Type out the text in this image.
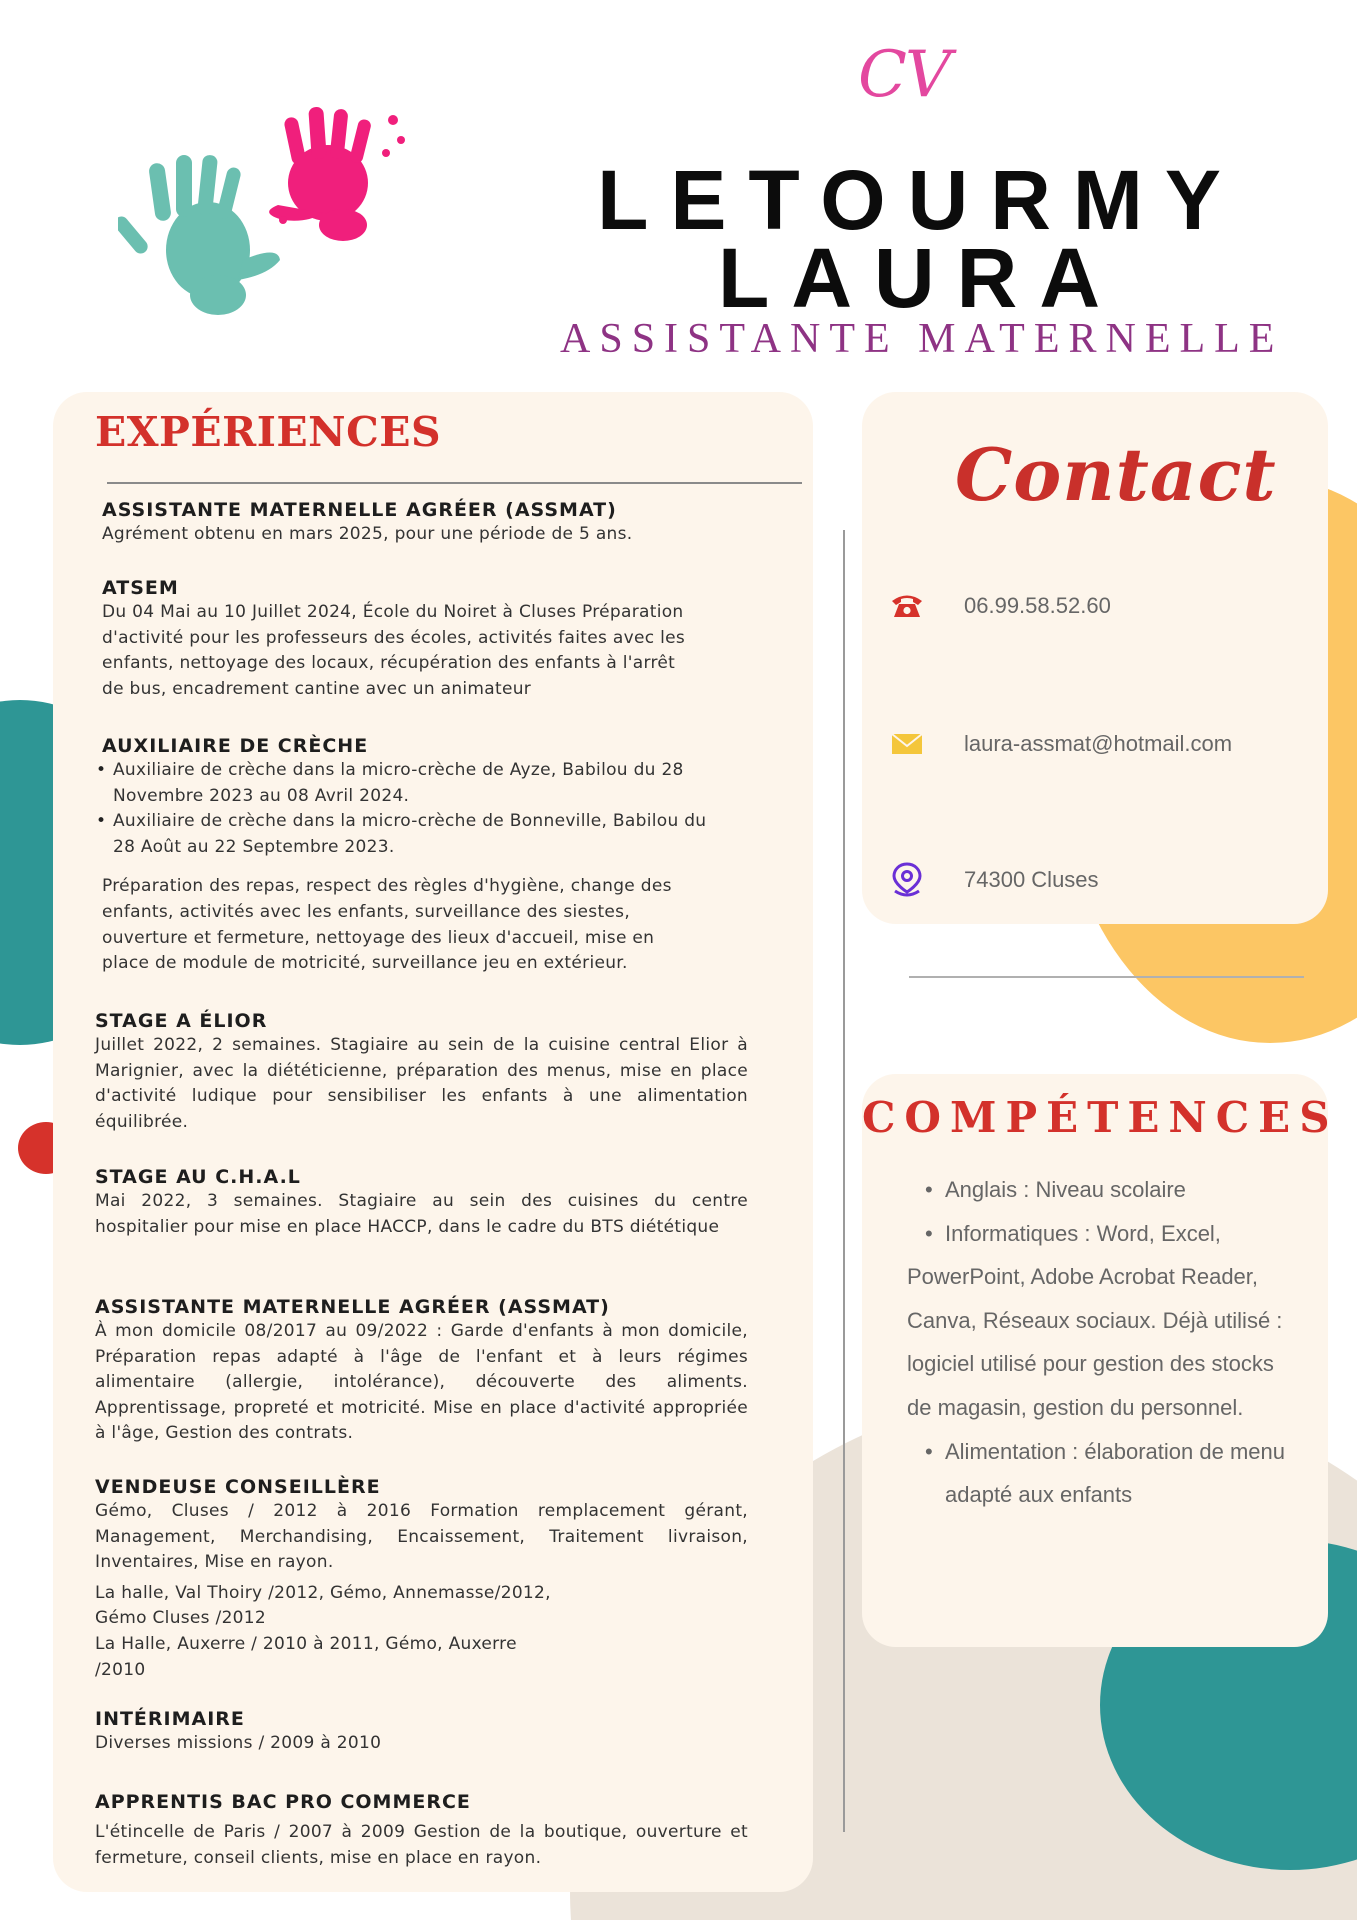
CV
LETOURMY
LAURA
ASSISTANTE MATERNELLE
EXPÉRIENCES
ASSISTANTE MATERNELLE AGRÉER (ASSMAT)

Agrément obtenu en mars 2025, pour une période de 5 ans.

ATSEM

Du 04 Mai au 10 Juillet 2024, École du Noiret à Cluses Préparation

d'activité pour les professeurs des écoles, activités faites avec les

enfants, nettoyage des locaux, récupération des enfants à l'arrêt

de bus, encadrement cantine avec un animateur

AUXILIAIRE DE CRÈCHE
• Auxiliaire de crèche dans la micro-crèche de Ayze, Babilou du 28 Novembre 2023 au 08 Avril 2024.
• Auxiliaire de crèche dans la micro-crèche de Bonneville, Babilou du 28 Août au 22 Septembre 2023.

Préparation des repas, respect des règles d'hygiène, change des

enfants, activités avec les enfants, surveillance des siestes,

ouverture et fermeture, nettoyage des lieux d'accueil, mise en

place de module de motricité, surveillance jeu en extérieur.

STAGE A ÉLIOR

Juillet 2022, 2 semaines. Stagiaire au sein de la cuisine central Elior à Marignier, avec la diététicienne, préparation des menus, mise en place d'activité ludique pour sensibiliser les enfants à une alimentation équilibrée.

STAGE AU C.H.A.L

Mai 2022, 3 semaines. Stagiaire au sein des cuisines du centre hospitalier pour mise en place HACCP, dans le cadre du BTS diététique

ASSISTANTE MATERNELLE AGRÉER (ASSMAT)

À mon domicile 08/2017 au 09/2022 : Garde d'enfants à mon domicile, Préparation repas adapté à l'âge de l'enfant et à leurs régimes alimentaire (allergie, intolérance), découverte des aliments. Apprentissage, propreté et motricité. Mise en place d'activité appropriée à l'âge, Gestion des contrats.

VENDEUSE CONSEILLÈRE

Gémo, Cluses / 2012 à 2016 Formation remplacement gérant, Management, Merchandising, Encaissement, Traitement livraison, Inventaires, Mise en rayon.

La halle, Val Thoiry /2012, Gémo, Annemasse/2012,

Gémo Cluses /2012

La Halle, Auxerre / 2010 à 2011, Gémo, Auxerre

/2010

INTÉRIMAIRE

Diverses missions / 2009 à 2010

APPRENTIS BAC PRO COMMERCE

L'étincelle de Paris / 2007 à 2009 Gestion de la boutique, ouverture et fermeture, conseil clients, mise en place en rayon.

Contact
06.99.58.52.60
laura-assmat@hotmail.com
74300 Cluses
COMPÉTENCES
• Anglais : Niveau scolaire
• Informatiques : Word, Excel,
PowerPoint, Adobe Acrobat Reader,
Canva, Réseaux sociaux. Déjà utilisé :
logiciel utilisé pour gestion des stocks
de magasin, gestion du personnel.
• Alimentation : élaboration de menu
adapté aux enfants
